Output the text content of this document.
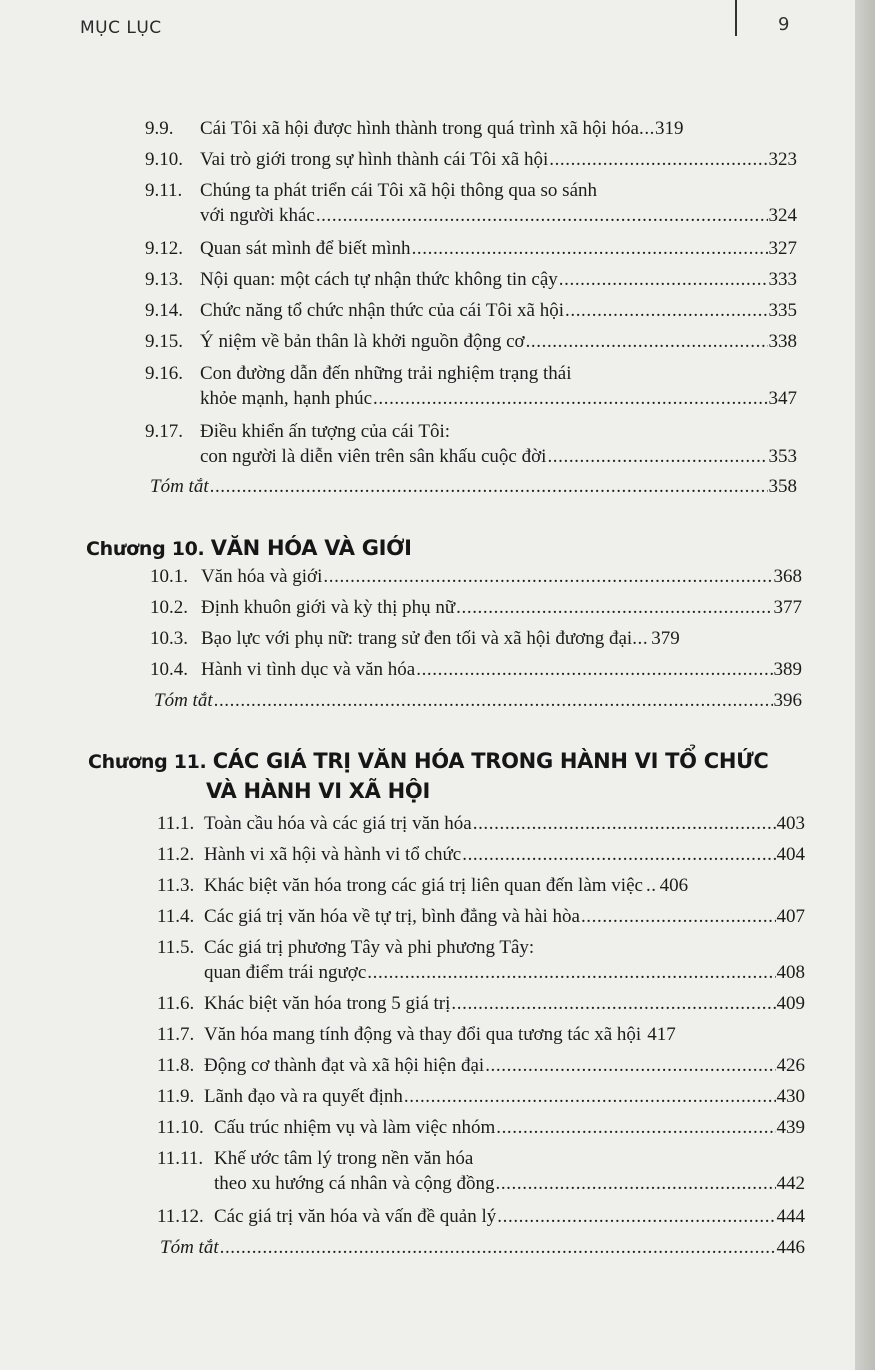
MỤC LỤC	9
9.9.	Cái Tôi xã hội được hình thành trong quá trình xã hội hóa ... 319
9.10. Vai trò giới trong sự hình thành cái Tôi xã hội .....	323
9.11. Chúng ta phát triển cái Tôi xã hội thông qua so sánh
với người khác .....	324
9.12. Quan sát mình để biết mình .....	327
9.13. Nội quan: một cách tự nhận thức không tin cậy .....	333
9.14. Chức năng tổ chức nhận thức của cái Tôi xã hội .....	335
9.15. Ý niệm về bản thân là khởi nguồn động cơ .....	338
9.16. Con đường dẫn đến những trải nghiệm trạng thái
khỏe mạnh, hạnh phúc .....	347
9.17. Điều khiển ấn tượng của cái Tôi:
con người là diễn viên trên sân khấu cuộc đời .....	353
Tóm tắt .....	358
Chương 10. VĂN HÓA VÀ GIỚI
10.1. Văn hóa và giới .....	368
10.2. Định khuôn giới và kỳ thị phụ nữ .....	377
10.3. Bạo lực với phụ nữ: trang sử đen tối và xã hội đương đại ... 379
10.4. Hành vi tình dục và văn hóa .....	389
Tóm tắt .....	396
Chương 11. CÁC GIÁ TRỊ VĂN HÓA TRONG HÀNH VI TỔ CHỨC
VÀ HÀNH VI XÃ HỘI
11.1. Toàn cầu hóa và các giá trị văn hóa .....	403
11.2. Hành vi xã hội và hành vi tổ chức .....	404
11.3. Khác biệt văn hóa trong các giá trị liên quan đến làm việc .. 406
11.4. Các giá trị văn hóa về tự trị, bình đẳng và hài hòa .....	407
11.5. Các giá trị phương Tây và phi phương Tây:
quan điểm trái ngược .....	408
11.6. Khác biệt văn hóa trong 5 giá trị .....	409
11.7. Văn hóa mang tính động và thay đổi qua tương tác xã hội 417
11.8. Động cơ thành đạt và xã hội hiện đại .....	426
11.9. Lãnh đạo và ra quyết định .....	430
11.10. Cấu trúc nhiệm vụ và làm việc nhóm .....	439
11.11. Khế ước tâm lý trong nền văn hóa
theo xu hướng cá nhân và cộng đồng .....	442
11.12. Các giá trị văn hóa và vấn đề quản lý .....	444
Tóm tắt .....	446
